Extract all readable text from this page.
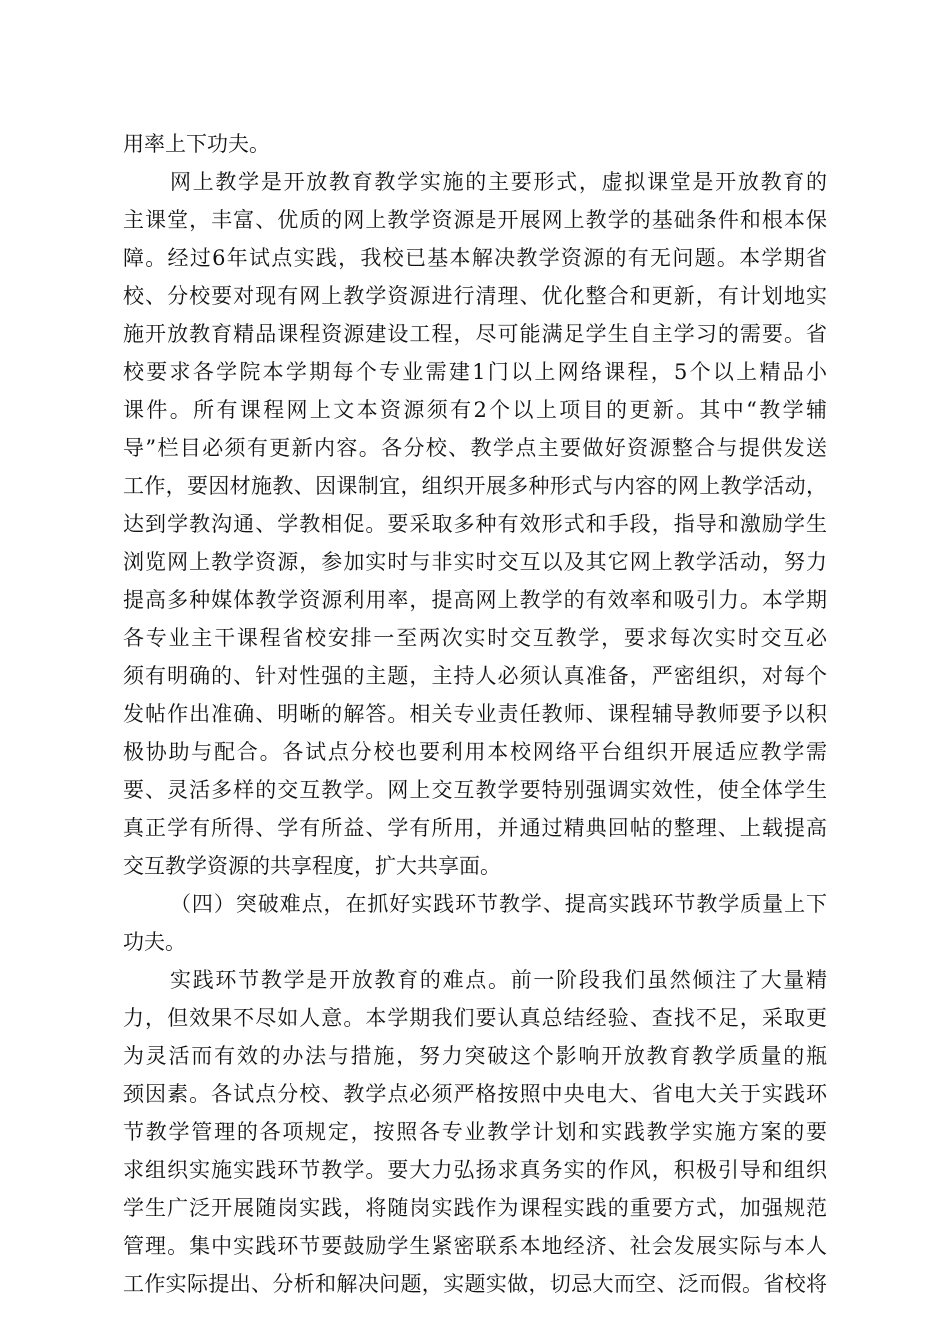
用率上下功夫。
网上教学是开放教育教学实施的主要形式，虚拟课堂是开放教育的
主课堂，丰富、优质的网上教学资源是开展网上教学的基础条件和根本保
障。经过6年试点实践，我校已基本解决教学资源的有无问题。本学期省
校、分校要对现有网上教学资源进行清理、优化整合和更新，有计划地实
施开放教育精品课程资源建设工程，尽可能满足学生自主学习的需要。省
校要求各学院本学期每个专业需建1门以上网络课程，5个以上精品小
课件。所有课程网上文本资源须有2个以上项目的更新。其中“教学辅
导”栏目必须有更新内容。各分校、教学点主要做好资源整合与提供发送
工作，要因材施教、因课制宜，组织开展多种形式与内容的网上教学活动，
达到学教沟通、学教相促。要采取多种有效形式和手段，指导和激励学生
浏览网上教学资源，参加实时与非实时交互以及其它网上教学活动，努力
提高多种媒体教学资源利用率，提高网上教学的有效率和吸引力。本学期
各专业主干课程省校安排一至两次实时交互教学，要求每次实时交互必
须有明确的、针对性强的主题，主持人必须认真准备，严密组织，对每个
发帖作出准确、明晰的解答。相关专业责任教师、课程辅导教师要予以积
极协助与配合。各试点分校也要利用本校网络平台组织开展适应教学需
要、灵活多样的交互教学。网上交互教学要特别强调实效性，使全体学生
真正学有所得、学有所益、学有所用，并通过精典回帖的整理、上载提高
交互教学资源的共享程度，扩大共享面。
（四）突破难点，在抓好实践环节教学、提高实践环节教学质量上下
功夫。
实践环节教学是开放教育的难点。前一阶段我们虽然倾注了大量精
力，但效果不尽如人意。本学期我们要认真总结经验、查找不足，采取更
为灵活而有效的办法与措施，努力突破这个影响开放教育教学质量的瓶
颈因素。各试点分校、教学点必须严格按照中央电大、省电大关于实践环
节教学管理的各项规定，按照各专业教学计划和实践教学实施方案的要
求组织实施实践环节教学。要大力弘扬求真务实的作风，积极引导和组织
学生广泛开展随岗实践，将随岗实践作为课程实践的重要方式，加强规范
管理。集中实践环节要鼓励学生紧密联系本地经济、社会发展实际与本人
工作实际提出、分析和解决问题，实题实做，切忌大而空、泛而假。省校将
